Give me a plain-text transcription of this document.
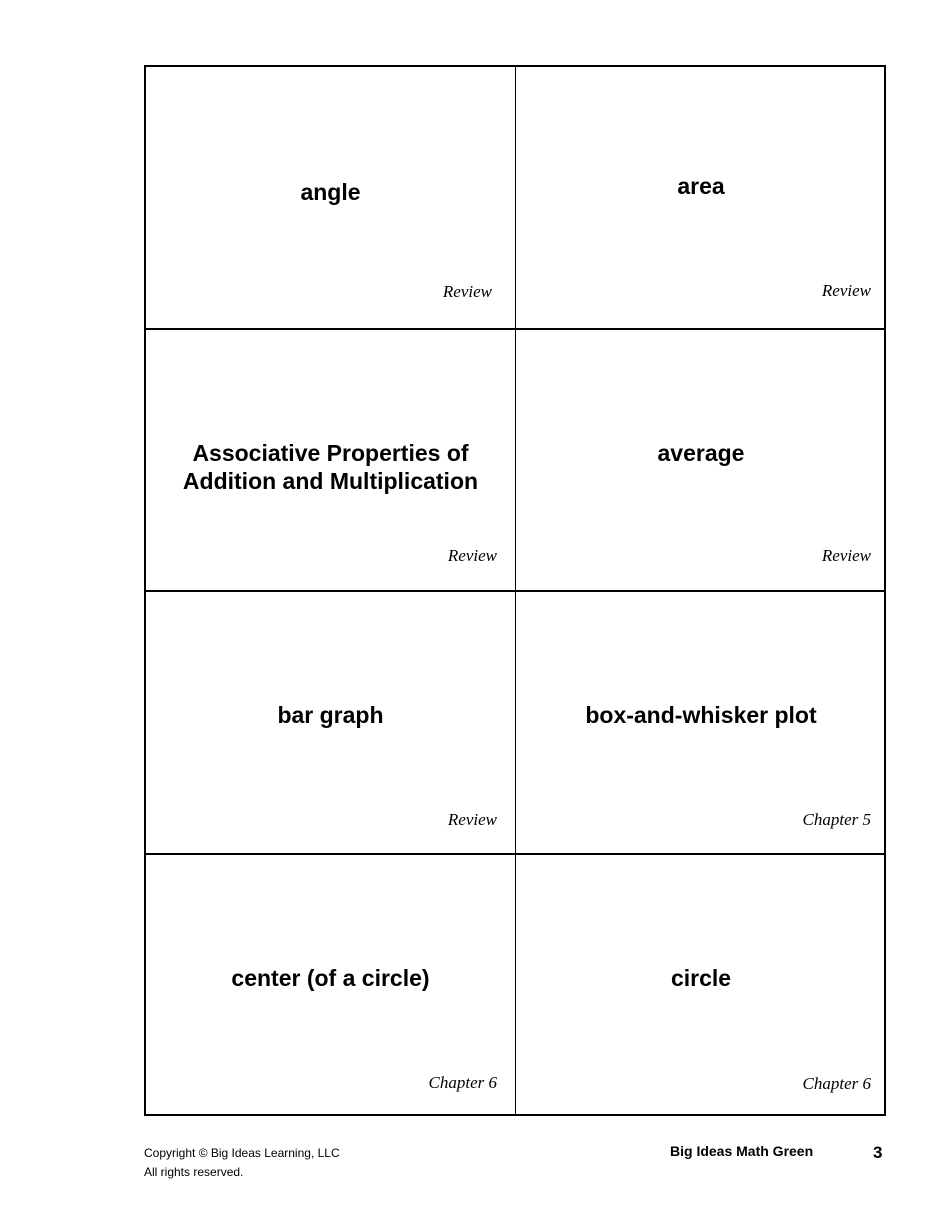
angle
Review
area
Review
Associative Properties of
Addition and Multiplication
Review
average
Review
bar graph
Review
box-and-whisker plot
Chapter 5
center (of a circle)
Chapter 6
circle
Chapter 6
Copyright © Big Ideas Learning, LLC
All rights reserved.
Big Ideas Math Green	3
